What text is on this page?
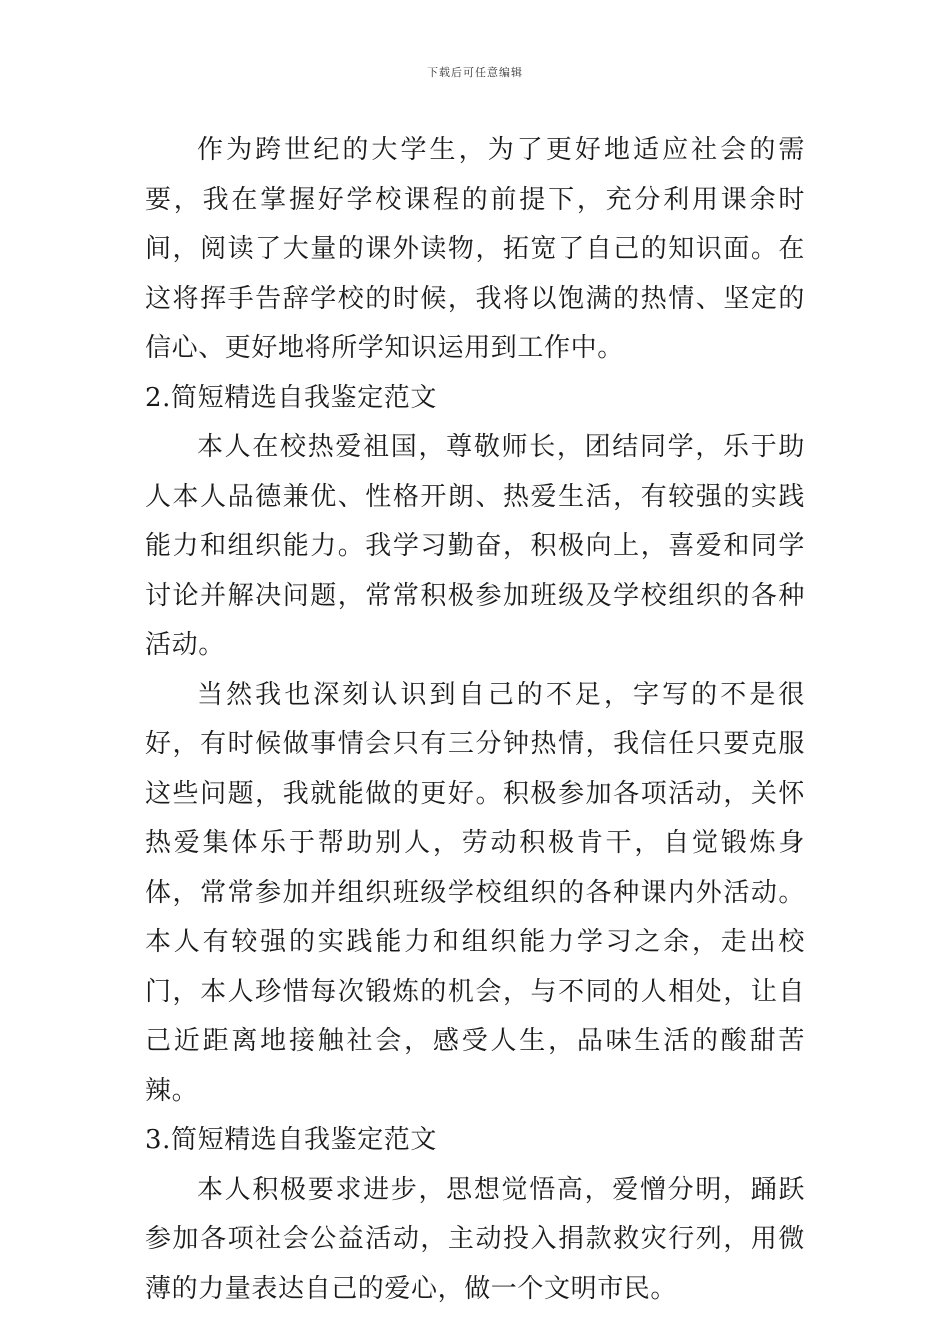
下载后可任意编辑

作为跨世纪的大学生，为了更好地适应社会的需要，我在掌握好学校课程的前提下，充分利用课余时间，阅读了大量的课外读物，拓宽了自己的知识面。在这将挥手告辞学校的时候，我将以饱满的热情、坚定的信心、更好地将所学知识运用到工作中。

2.简短精选自我鉴定范文

本人在校热爱祖国，尊敬师长，团结同学，乐于助人本人品德兼优、性格开朗、热爱生活，有较强的实践能力和组织能力。我学习勤奋，积极向上，喜爱和同学讨论并解决问题，常常积极参加班级及学校组织的各种活动。

当然我也深刻认识到自己的不足，字写的不是很好，有时候做事情会只有三分钟热情，我信任只要克服这些问题，我就能做的更好。积极参加各项活动，关怀热爱集体乐于帮助别人，劳动积极肯干，自觉锻炼身体，常常参加并组织班级学校组织的各种课内外活动。本人有较强的实践能力和组织能力学习之余，走出校门，本人珍惜每次锻炼的机会，与不同的人相处，让自己近距离地接触社会，感受人生，品味生活的酸甜苦辣。

3.简短精选自我鉴定范文

本人积极要求进步，思想觉悟高，爱憎分明，踊跃参加各项社会公益活动，主动投入捐款救灾行列，用微薄的力量表达自己的爱心，做一个文明市民。
